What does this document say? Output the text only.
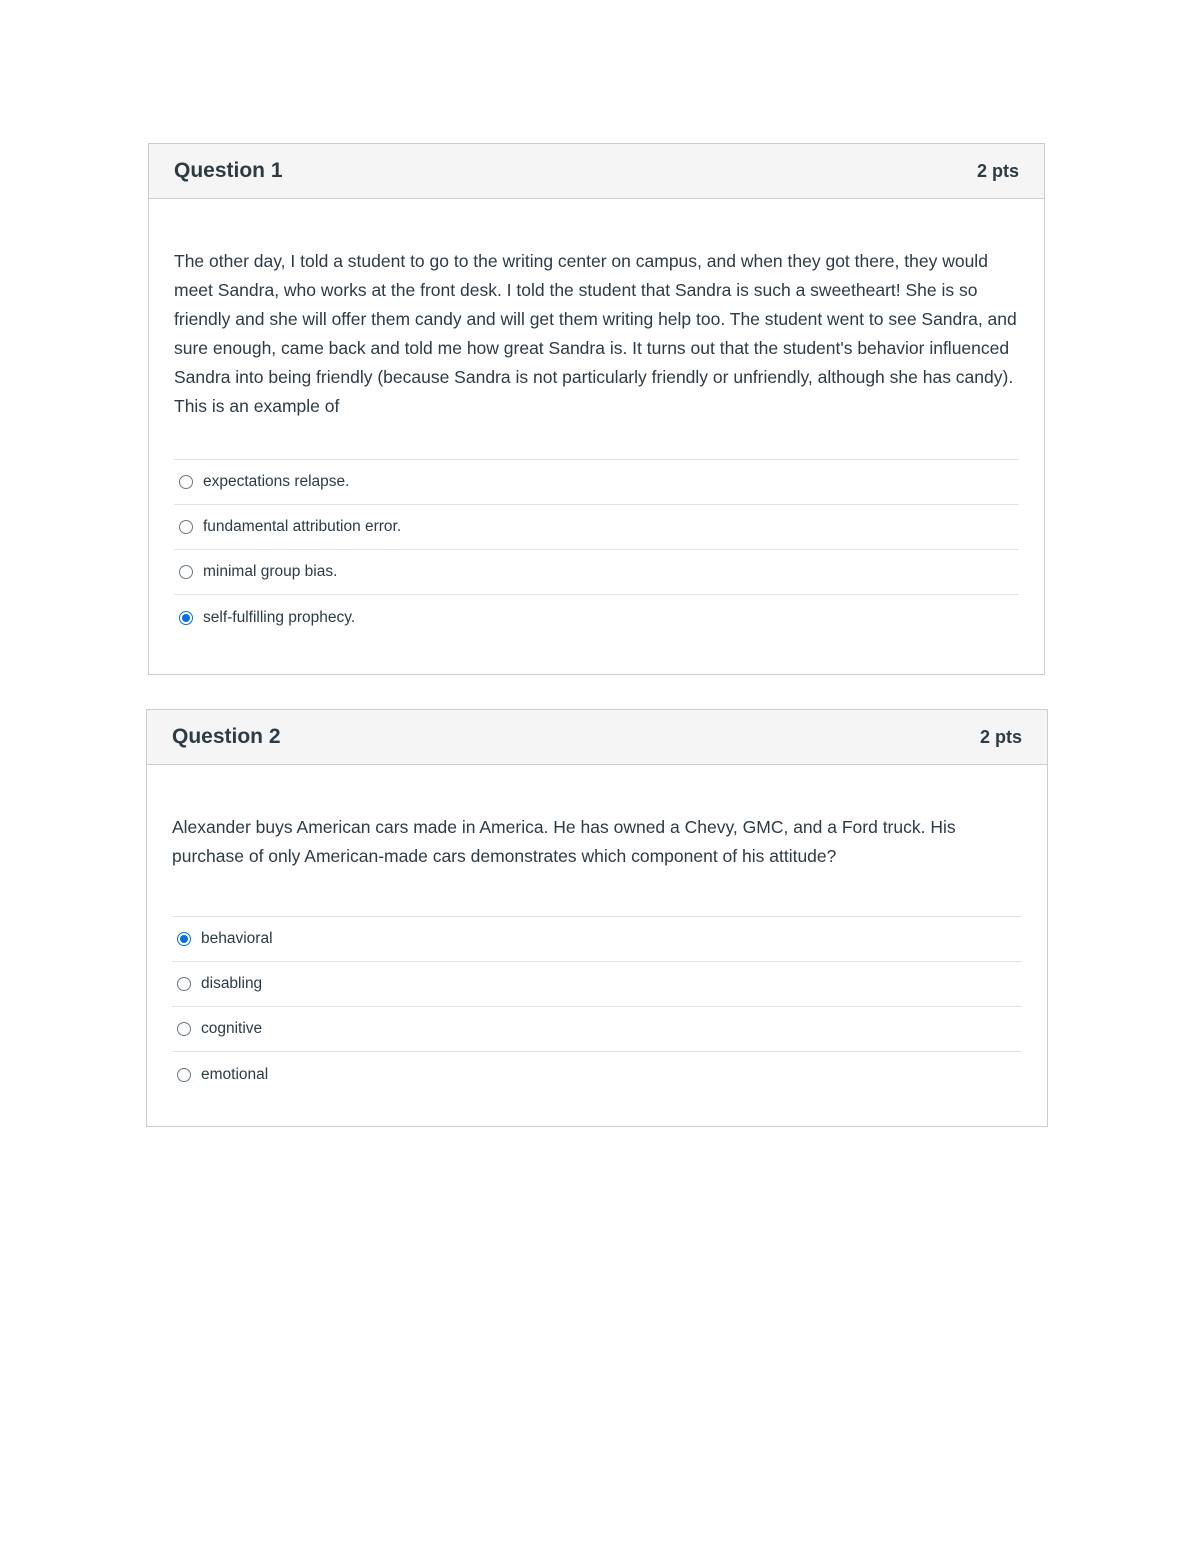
Question 1	2 pts

The other day, I told a student to go to the writing center on campus, and when they got there, they would meet Sandra, who works at the front desk. I told the student that Sandra is such a sweetheart! She is so friendly and she will offer them candy and will get them writing help too. The student went to see Sandra, and sure enough, came back and told me how great Sandra is. It turns out that the student's behavior influenced Sandra into being friendly (because Sandra is not particularly friendly or unfriendly, although she has candy). This is an example of

expectations relapse.
fundamental attribution error.
minimal group bias.
self-fulfilling prophecy.
Question 2	2 pts

Alexander buys American cars made in America. He has owned a Chevy, GMC, and a Ford truck. His purchase of only American-made cars demonstrates which component of his attitude?

behavioral
disabling
cognitive
emotional
